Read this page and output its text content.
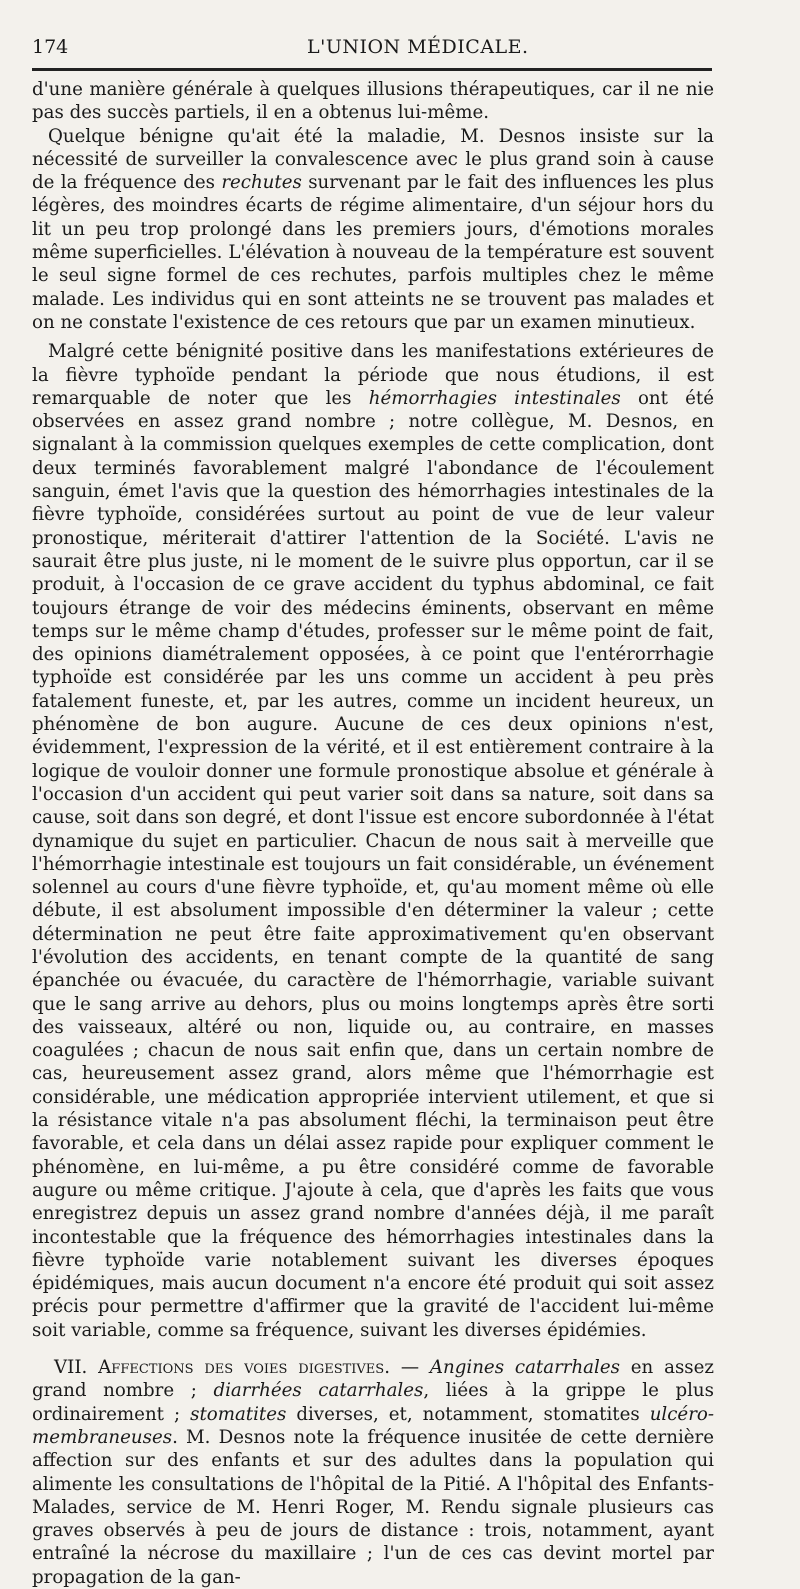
174	L'UNION MÉDICALE.

d'une manière générale à quelques illusions thérapeutiques, car il ne nie pas des succès partiels, il en a obtenus lui-même.

Quelque bénigne qu'ait été la maladie, M. Desnos insiste sur la nécessité de surveiller la convalescence avec le plus grand soin à cause de la fréquence des rechutes survenant par le fait des influences les plus légères, des moindres écarts de régime alimentaire, d'un séjour hors du lit un peu trop prolongé dans les premiers jours, d'émotions morales même superficielles. L'élévation à nouveau de la température est souvent le seul signe formel de ces rechutes, parfois multiples chez le même malade. Les individus qui en sont atteints ne se trouvent pas malades et on ne constate l'existence de ces retours que par un examen minutieux.

Malgré cette bénignité positive dans les manifestations extérieures de la fièvre typhoïde pendant la période que nous étudions, il est remarquable de noter que les hémorrhagies intestinales ont été observées en assez grand nombre ; notre collègue, M. Desnos, en signalant à la commission quelques exemples de cette complication, dont deux terminés favorablement malgré l'abondance de l'écoulement sanguin, émet l'avis que la question des hémorrhagies intestinales de la fièvre typhoïde, considérées surtout au point de vue de leur valeur pronostique, mériterait d'attirer l'attention de la Société. L'avis ne saurait être plus juste, ni le moment de le suivre plus opportun, car il se produit, à l'occasion de ce grave accident du typhus abdominal, ce fait toujours étrange de voir des médecins éminents, observant en même temps sur le même champ d'études, professer sur le même point de fait, des opinions diamétralement opposées, à ce point que l'entérorrhagie typhoïde est considérée par les uns comme un accident à peu près fatalement funeste, et, par les autres, comme un incident heureux, un phénomène de bon augure. Aucune de ces deux opinions n'est, évidemment, l'expression de la vérité, et il est entièrement contraire à la logique de vouloir donner une formule pronostique absolue et générale à l'occasion d'un accident qui peut varier soit dans sa nature, soit dans sa cause, soit dans son degré, et dont l'issue est encore subordonnée à l'état dynamique du sujet en particulier. Chacun de nous sait à merveille que l'hémorrhagie intestinale est toujours un fait considérable, un événement solennel au cours d'une fièvre typhoïde, et, qu'au moment même où elle débute, il est absolument impossible d'en déterminer la valeur ; cette détermination ne peut être faite approximativement qu'en observant l'évolution des accidents, en tenant compte de la quantité de sang épanchée ou évacuée, du caractère de l'hémorrhagie, variable suivant que le sang arrive au dehors, plus ou moins longtemps après être sorti des vaisseaux, altéré ou non, liquide ou, au contraire, en masses coagulées ; chacun de nous sait enfin que, dans un certain nombre de cas, heureusement assez grand, alors même que l'hémorrhagie est considérable, une médication appropriée intervient utilement, et que si la résistance vitale n'a pas absolument fléchi, la terminaison peut être favorable, et cela dans un délai assez rapide pour expliquer comment le phénomène, en lui-même, a pu être considéré comme de favorable augure ou même critique. J'ajoute à cela, que d'après les faits que vous enregistrez depuis un assez grand nombre d'années déjà, il me paraît incontestable que la fréquence des hémorrhagies intestinales dans la fièvre typhoïde varie notablement suivant les diverses époques épidémiques, mais aucun document n'a encore été produit qui soit assez précis pour permettre d'affirmer que la gravité de l'accident lui-même soit variable, comme sa fréquence, suivant les diverses épidémies.

VII. Affections des voies digestives. — Angines catarrhales en assez grand nombre ; diarrhées catarrhales, liées à la grippe le plus ordinairement ; stomatites diverses, et, notamment, stomatites ulcéro-membraneuses. M. Desnos note la fréquence inusitée de cette dernière affection sur des enfants et sur des adultes dans la population qui alimente les consultations de l'hôpital de la Pitié. A l'hôpital des Enfants-Malades, service de M. Henri Roger, M. Rendu signale plusieurs cas graves observés à peu de jours de distance : trois, notamment, ayant entraîné la nécrose du maxillaire ; l'un de ces cas devint mortel par propagation de la gan-
